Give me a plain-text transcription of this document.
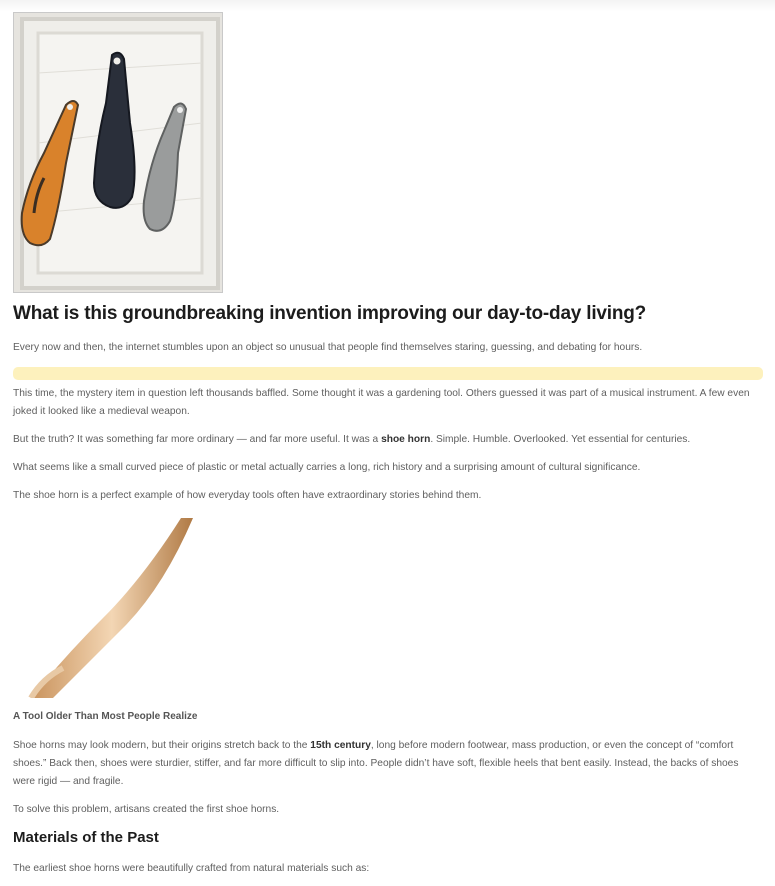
What is this groundbreaking invention improving our day-to-day living?
Every now and then, the internet stumbles upon an object so unusual that people find themselves staring, guessing, and debating for hours.
This time, the mystery item in question left thousands baffled. Some thought it was a gardening tool. Others guessed it was part of a musical instrument. A few even joked it looked like a medieval weapon.
But the truth? It was something far more ordinary — and far more useful. It was a shoe horn. Simple. Humble. Overlooked. Yet essential for centuries.
What seems like a small curved piece of plastic or metal actually carries a long, rich history and a surprising amount of cultural significance.
The shoe horn is a perfect example of how everyday tools often have extraordinary stories behind them.
A Tool Older Than Most People Realize
Shoe horns may look modern, but their origins stretch back to the 15th century, long before modern footwear, mass production, or even the concept of “comfort shoes.” Back then, shoes were sturdier, stiffer, and far more difficult to slip into. People didn’t have soft, flexible heels that bent easily. Instead, the backs of shoes were rigid — and fragile.
To solve this problem, artisans created the first shoe horns.
Materials of the Past
The earliest shoe horns were beautifully crafted from natural materials such as:
